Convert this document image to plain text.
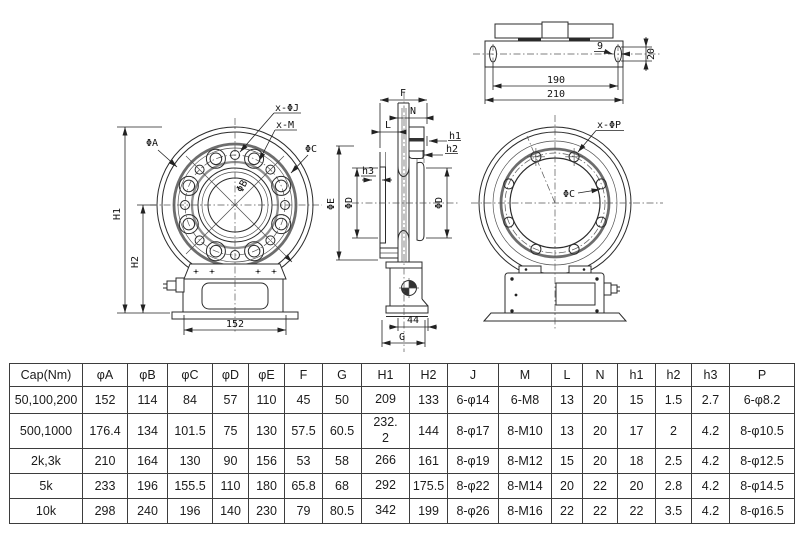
H1
H2
152
ΦA
ΦC
x-ΦJ
x-M
ΦB
F
N
L
h1
h2
h3
ΦE ΦD	ΦD
44
G
x-ΦP
ΦC
9
20
190
210
Cap(Nm)	φA	φB	φC	φD	φE	F	G	H1	H2	J	M	L	N	h1	h2	h3	P
50,100,200	152	114	84	57	110	45	50	209	133	6-φ14	6-M8	13	20	15	1.5	2.7	6-φ8.2
500,1000	176.4	134	101.5	75	130	57.5	60.5	232.2	144	8-φ17	8-M10	13	20	17	2	4.2	8-φ10.5
2k,3k	210	164	130	90	156	53	58	266	161	8-φ19	8-M12	15	20	18	2.5	4.2	8-φ12.5
5k	233	196	155.5	110	180	65.8	68	292	175.5	8-φ22	8-M14	20	22	20	2.8	4.2	8-φ14.5
10k	298	240	196	140	230	79	80.5	342	199	8-φ26	8-M16	22	22	22	3.5	4.2	8-φ16.5
